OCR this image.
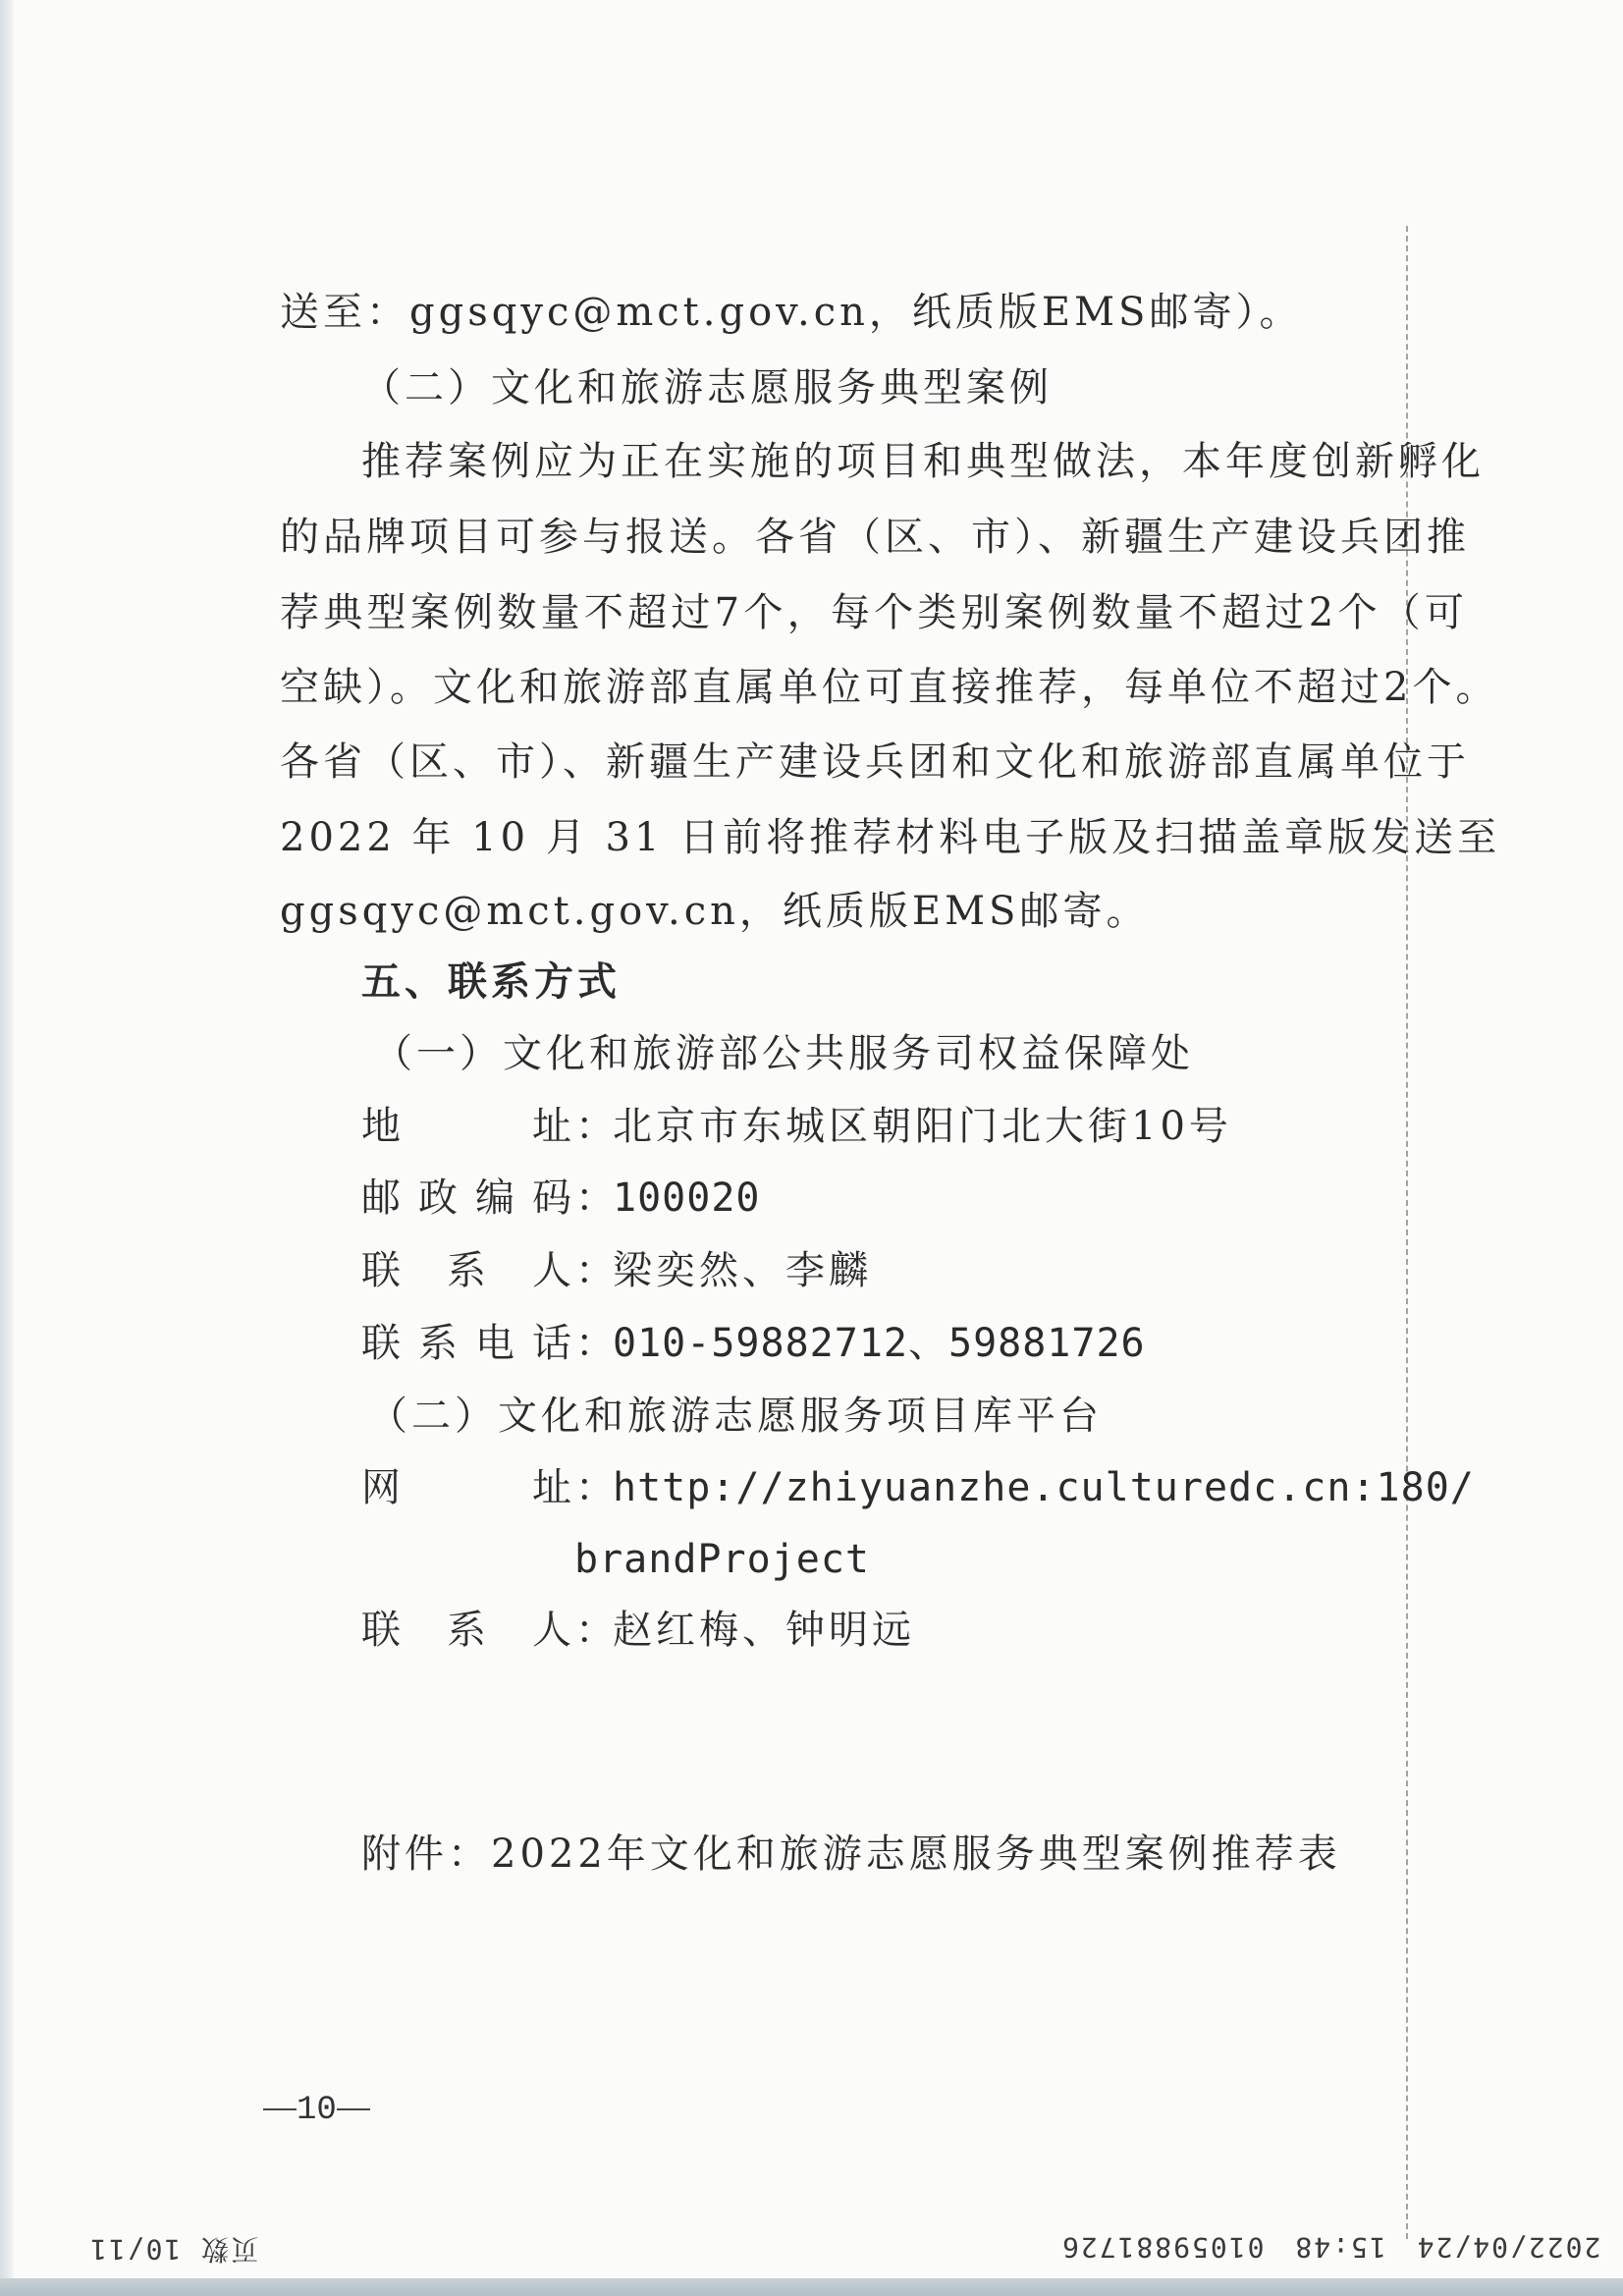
送至：ggsqyc@mct.gov.cn，纸质版EMS邮寄）。
（二）文化和旅游志愿服务典型案例
推荐案例应为正在实施的项目和典型做法，本年度创新孵化
的品牌项目可参与报送。各省（区、市）、新疆生产建设兵团推
荐典型案例数量不超过7个，每个类别案例数量不超过2个（可
空缺）。文化和旅游部直属单位可直接推荐，每单位不超过2个。
各省（区、市）、新疆生产建设兵团和文化和旅游部直属单位于
2022 年 10 月 31 日前将推荐材料电子版及扫描盖章版发送至
ggsqyc@mct.gov.cn，纸质版EMS邮寄。
五、联系方式
（一）文化和旅游部公共服务司权益保障处
地址：北京市东城区朝阳门北大街10号
邮政编码：100020
联系人：梁奕然、李麟
联系电话：010-59882712、59881726
（二）文化和旅游志愿服务项目库平台
网址：http://zhiyuanzhe.culturedc.cn:180/
brandProject
联系人：赵红梅、钟明远
附件：2022年文化和旅游志愿服务典型案例推荐表
10
页数 10/11	2022/04/2415:4801059881726
